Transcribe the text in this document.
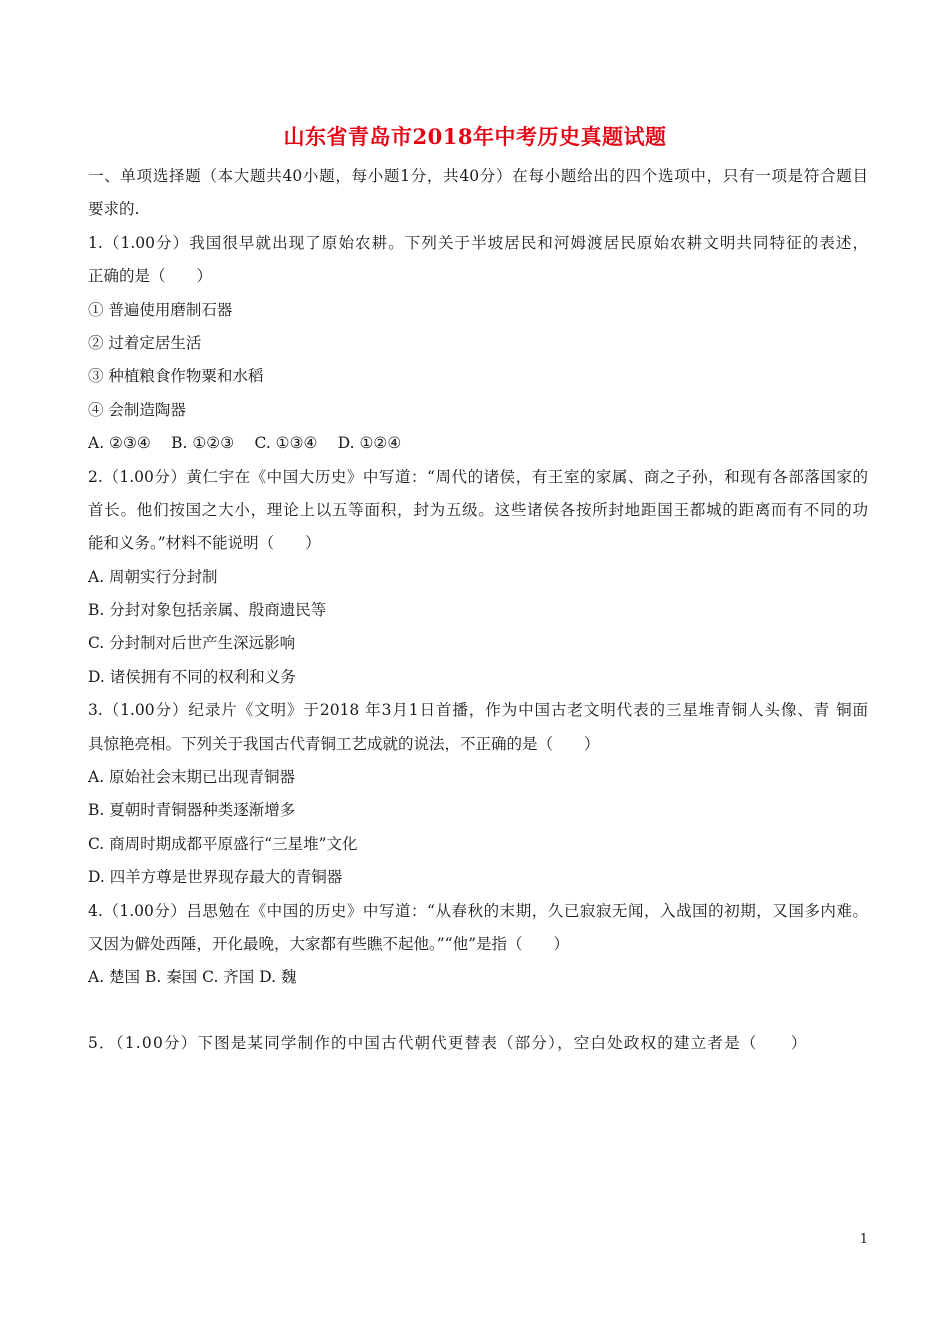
山东省青岛市2018年中考历史真题试题
一、单项选择题（本大题共40小题，每小题1分，共40分）在每小题给出的四个选项中，只有一项是符合题目
要求的.
1.（1.00分）我国很早就出现了原始农耕。下列关于半坡居民和河姆渡居民原始农耕文明共同特征的表述，
正确的是（　　）
① 普遍使用磨制石器
② 过着定居生活
③ 种植粮食作物粟和水稻
④ 会制造陶器
A. ②③④　 B. ①②③　 C. ①③④　 D. ①②④
2.（1.00分）黄仁宇在《中国大历史》中写道：“周代的诸侯，有王室的家属、商之子孙，和现有各部落国家的
首长。他们按国之大小，理论上以五等面积，封为五级。这些诸侯各按所封地距国王都城的距离而有不同的功
能和义务。”材料不能说明（　　）
A. 周朝实行分封制
B. 分封对象包括亲属、殷商遗民等
C. 分封制对后世产生深远影响
D. 诸侯拥有不同的权利和义务
3.（1.00分）纪录片《文明》于2018 年3月1日首播，作为中国古老文明代表的三星堆青铜人头像、青 铜面
具惊艳亮相。下列关于我国古代青铜工艺成就的说法，不正确的是（　　）
A. 原始社会末期已出现青铜器
B. 夏朝时青铜器种类逐渐增多
C. 商周时期成都平原盛行“三星堆”文化
D. 四羊方尊是世界现存最大的青铜器
4.（1.00分）吕思勉在《中国的历史》中写道：“从春秋的末期，久已寂寂无闻，入战国的初期，又国多内难。
又因为僻处西陲，开化最晚，大家都有些瞧不起他。”“他”是指（　　）
A. 楚国 B. 秦国 C. 齐国 D. 魏
5．（1.00分）下图是某同学制作的中国古代朝代更替表（部分），空白处政权的建立者是（　　）
1
